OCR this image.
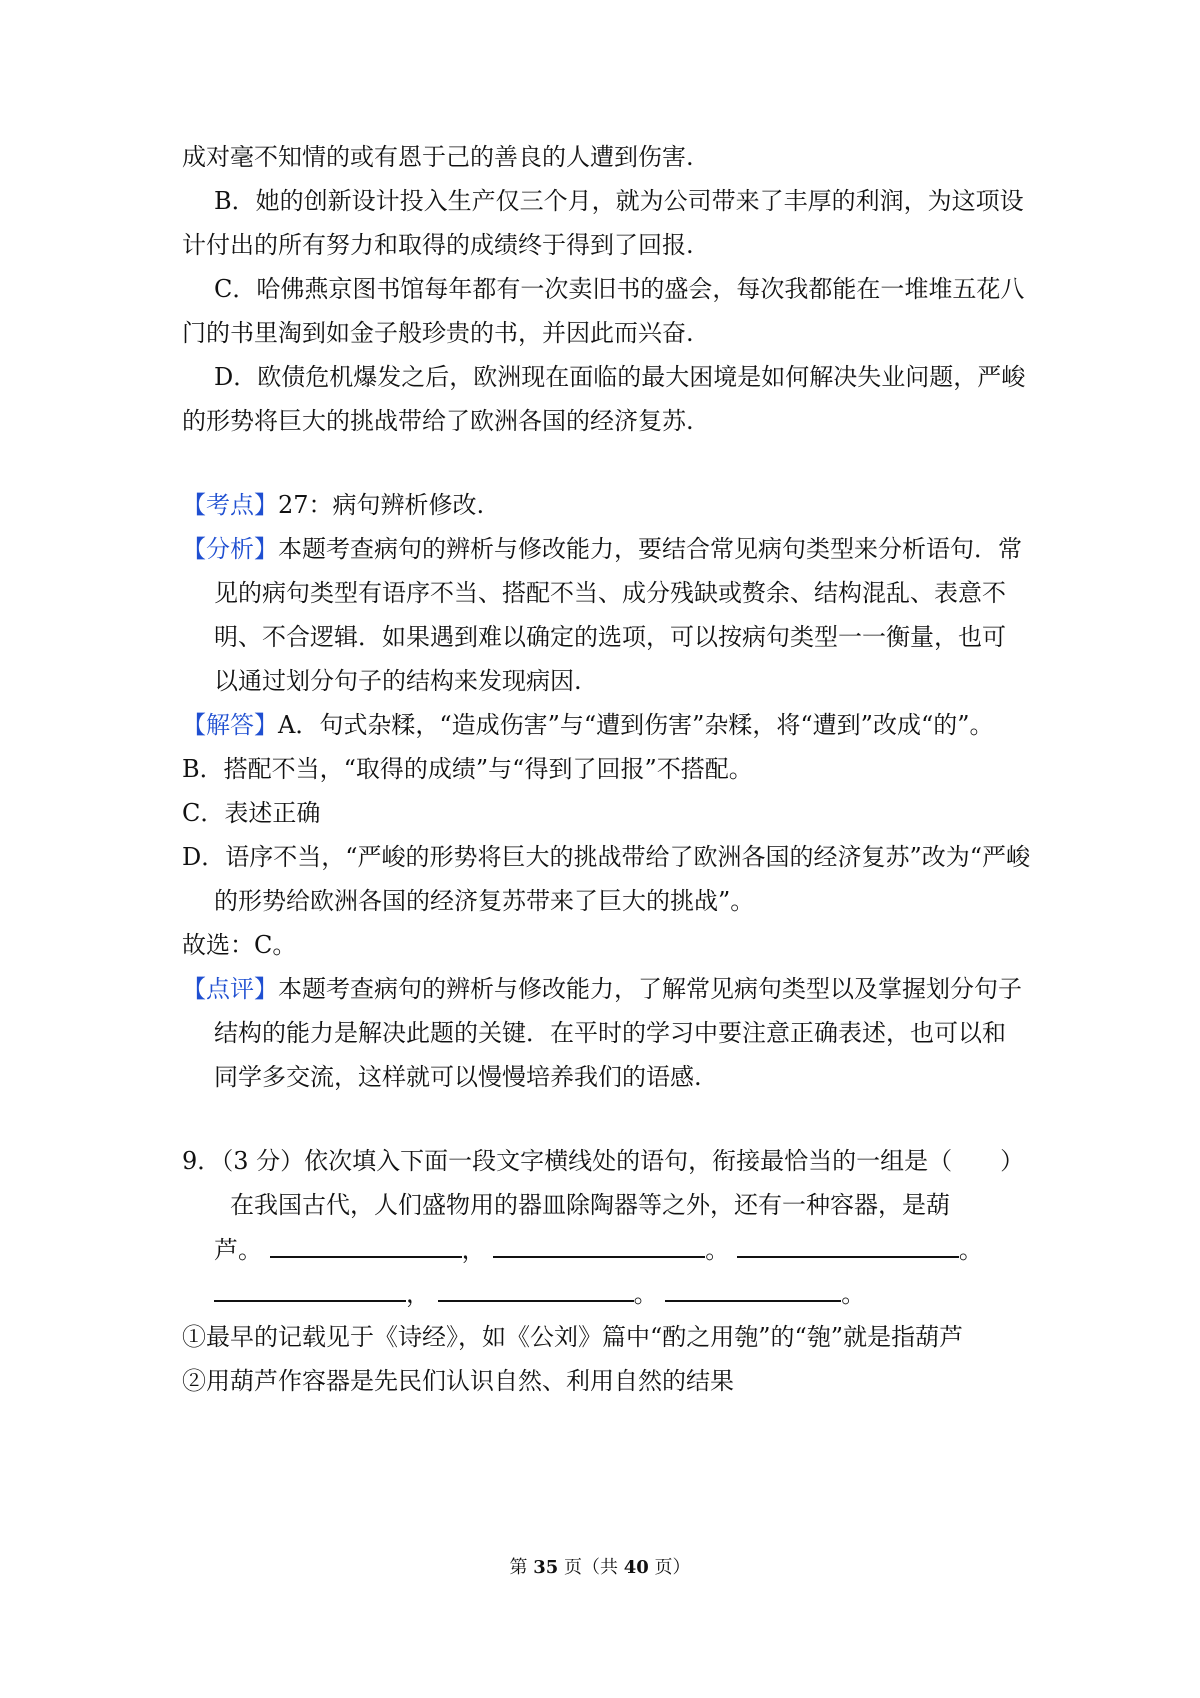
成对毫不知情的或有恩于己的善良的人遭到伤害.
B．她的创新设计投入生产仅三个月，就为公司带来了丰厚的利润，为这项设
计付出的所有努力和取得的成绩终于得到了回报.
C．哈佛燕京图书馆每年都有一次卖旧书的盛会，每次我都能在一堆堆五花八
门的书里淘到如金子般珍贵的书，并因此而兴奋.
D．欧债危机爆发之后，欧洲现在面临的最大困境是如何解决失业问题，严峻
的形势将巨大的挑战带给了欧洲各国的经济复苏.
【考点】27：病句辨析修改.
【分析】本题考查病句的辨析与修改能力，要结合常见病句类型来分析语句．常
见的病句类型有语序不当、搭配不当、成分残缺或赘余、结构混乱、表意不
明、不合逻辑．如果遇到难以确定的选项，可以按病句类型一一衡量，也可
以通过划分句子的结构来发现病因.
【解答】A．句式杂糅，“造成伤害”与“遭到伤害”杂糅，将“遭到”改成“的”。
B．搭配不当，“取得的成绩”与“得到了回报”不搭配。
C．表述正确
D．语序不当，“严峻的形势将巨大的挑战带给了欧洲各国的经济复苏”改为“严峻
的形势给欧洲各国的经济复苏带来了巨大的挑战”。
故选：C。
【点评】本题考查病句的辨析与修改能力，了解常见病句类型以及掌握划分句子
结构的能力是解决此题的关键．在平时的学习中要注意正确表述，也可以和
同学多交流，这样就可以慢慢培养我们的语感.
9．（3 分）依次填入下面一段文字横线处的语句，衔接最恰当的一组是（　　）
在我国古代，人们盛物用的器皿除陶器等之外，还有一种容器，是葫
芦。	，	。	。
，	。	。
①最早的记载见于《诗经》，如《公刘》篇中“酌之用匏”的“匏”就是指葫芦
②用葫芦作容器是先民们认识自然、利用自然的结果
第 35 页（共 40 页）
